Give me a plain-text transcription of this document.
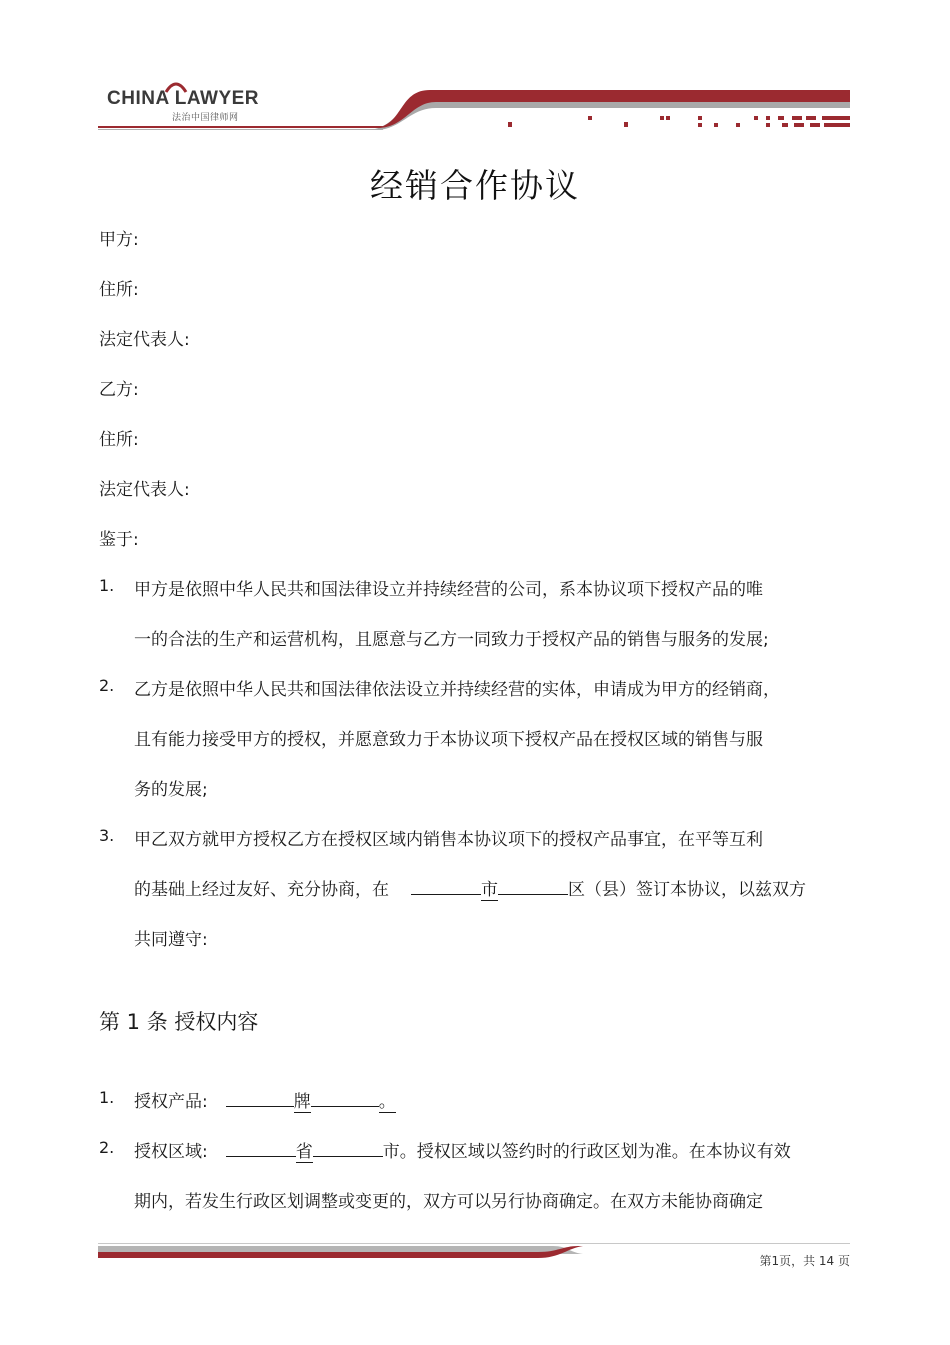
CHINA LAWYER
法治中国律师网
经销合作协议
甲方:
住所:
法定代表人:
乙方:
住所:
法定代表人:
鉴于:
1. 甲方是依照中华人民共和国法律设立并持续经营的公司，系本协议项下授权产品的唯
一的合法的生产和运营机构，且愿意与乙方一同致力于授权产品的销售与服务的发展;
2. 乙方是依照中华人民共和国法律依法设立并持续经营的实体，申请成为甲方的经销商，
且有能力接受甲方的授权，并愿意致力于本协议项下授权产品在授权区域的销售与服
务的发展;
3. 甲乙双方就甲方授权乙方在授权区域内销售本协议项下的授权产品事宜，在平等互利
的基础上经过友好、充分协商，在	市	区（县）签订本协议，以兹双方
共同遵守:
第 1 条 授权内容
1. 授权产品:	牌	。
2. 授权区域:	省	市。授权区域以签约时的行政区划为准。在本协议有效
期内，若发生行政区划调整或变更的，双方可以另行协商确定。在双方未能协商确定
第1页，共 14 页
